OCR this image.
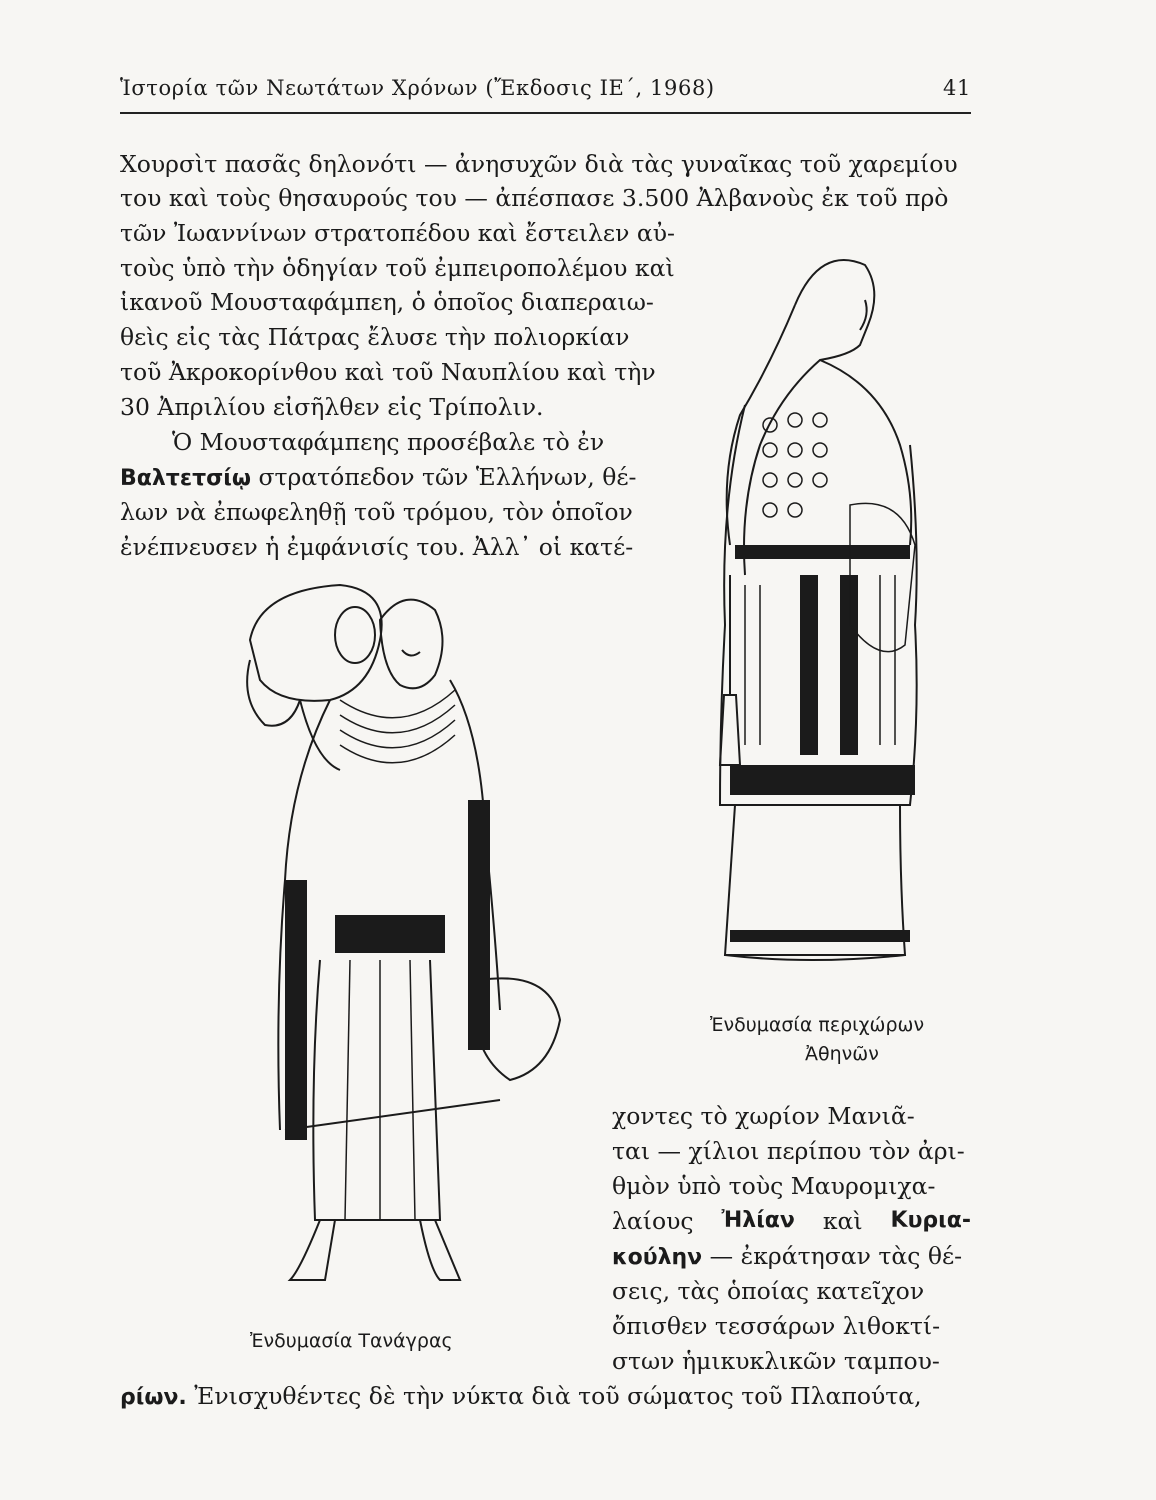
Ἱστορία τῶν Νεωτάτων Χρόνων (Ἔκδοσις ΙΕ΄, 1968)	41
Χουρσὶτ πασᾶς δηλονότι — ἀνησυχῶν διὰ τὰς γυναῖκας τοῦ χαρεμίου
του καὶ τοὺς θησαυρούς του — ἀπέσπασε 3.500 Ἀλβανοὺς ἐκ τοῦ πρὸ
τῶν Ἰωαννίνων στρατοπέδου καὶ ἔστειλεν αὐ-
τοὺς ὑπὸ τὴν ὁδηγίαν τοῦ ἐμπειροπολέμου καὶ
ἱκανοῦ Μουσταφάμπεη, ὁ ὁποῖος διαπεραιω-
θεὶς εἰς τὰς Πάτρας ἔλυσε τὴν πολιορκίαν
τοῦ Ἀκροκορίνθου καὶ τοῦ Ναυπλίου καὶ τὴν
30 Ἀπριλίου εἰσῆλθεν εἰς Τρίπολιν.
Ὁ Μουσταφάμπεης προσέβαλε τὸ ἐν
Βαλτετσίῳ στρατόπεδον τῶν Ἑλλήνων, θέ-
λων νὰ ἐπωφεληθῇ τοῦ τρόμου, τὸν ὁποῖον
ἐνέπνευσεν ἡ ἐμφάνισίς του. Ἀλλ᾽ οἱ κατέ-
Ἐνδυμασία περιχώρων
Ἀθηνῶν
Ἐνδυμασία Τανάγρας
χοντες τὸ χωρίον Μανιᾶ-
ται — χίλιοι περίπου τὸν ἀρι-
θμὸν ὑπὸ τοὺς Μαυρομιχα-
λαίους Ἠλίαν καὶ Κυρια-
κούλην — ἐκράτησαν τὰς θέ-
σεις, τὰς ὁποίας κατεῖχον
ὄπισθεν τεσσάρων λιθοκτί-
στων ἡμικυκλικῶν ταμπου-
ρίων. Ἐνισχυθέντες δὲ τὴν νύκτα διὰ τοῦ σώματος τοῦ Πλαπούτα,
